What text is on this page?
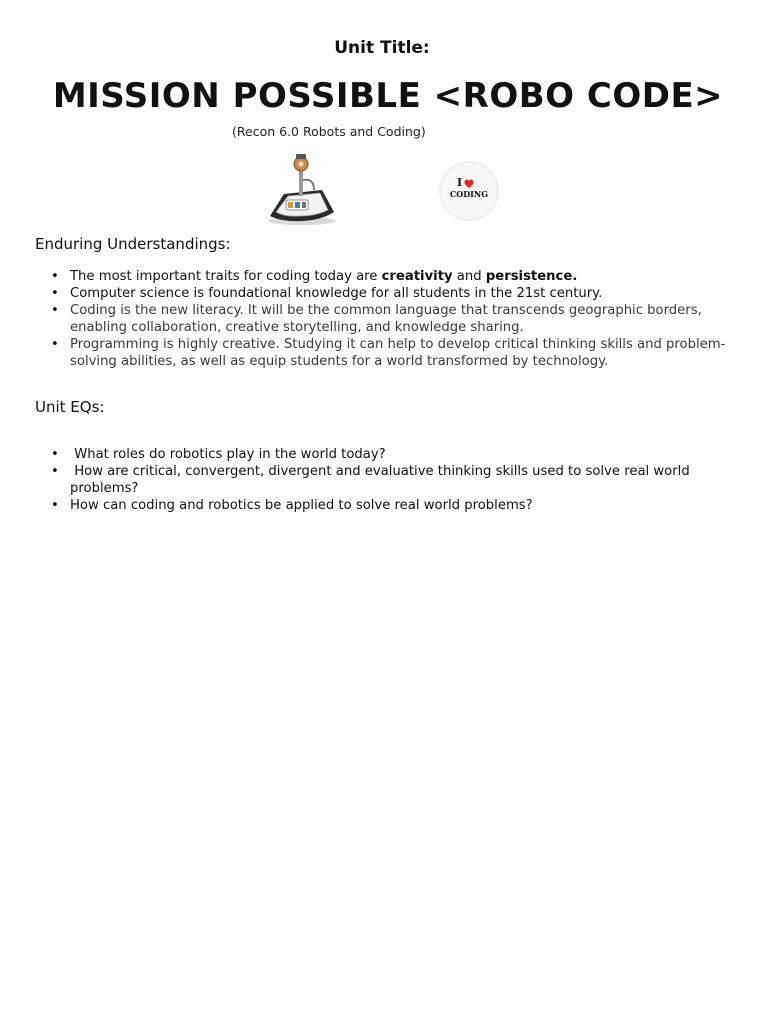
Unit Title:
MISSION POSSIBLE <ROBO CODE>
(Recon 6.0 Robots and Coding)
I
CODING
Enduring Understandings:
• The most important traits for coding today are creativity and persistence.
• Computer science is foundational knowledge for all students in the 21st century.
• Coding is the new literacy. It will be the common language that transcends geographic borders, enabling collaboration, creative storytelling, and knowledge sharing.
• Programming is highly creative. Studying it can help to develop critical thinking skills and problem-solving abilities, as well as equip students for a world transformed by technology.
Unit EQs:
•  What roles do robotics play in the world today?
•  How are critical, convergent, divergent and evaluative thinking skills used to solve real world problems?
• How can coding and robotics be applied to solve real world problems?
